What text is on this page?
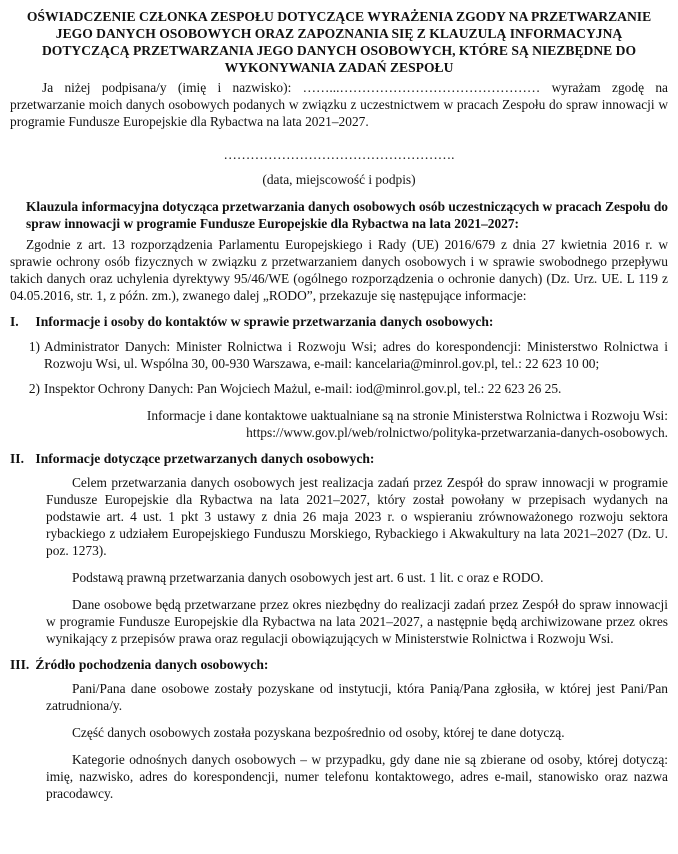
OŚWIADCZENIE CZŁONKA ZESPOŁU DOTYCZĄCE WYRAŻENIA ZGODY NA PRZETWARZANIE JEGO DANYCH OSOBOWYCH ORAZ ZAPOZNANIA SIĘ Z KLAUZULĄ INFORMACYJNĄ DOTYCZĄCĄ PRZETWARZANIA JEGO DANYCH OSOBOWYCH, KTÓRE SĄ NIEZBĘDNE DO WYKONYWANIA ZADAŃ ZESPOŁU

Ja niżej podpisana/y (imię i nazwisko): ……...……………………………………… wyrażam zgodę na przetwarzanie moich danych osobowych podanych w związku z uczestnictwem w pracach Zespołu do spraw innowacji w programie Fundusze Europejskie dla Rybactwa na lata 2021–2027.

…………………………………………….

(data, miejscowość i podpis)

Klauzula informacyjna dotycząca przetwarzania danych osobowych osób uczestniczących w pracach Zespołu do spraw innowacji w programie Fundusze Europejskie dla Rybactwa na lata 2021–2027:

Zgodnie z art. 13 rozporządzenia Parlamentu Europejskiego i Rady (UE) 2016/679 z dnia 27 kwietnia 2016 r. w sprawie ochrony osób fizycznych w związku z przetwarzaniem danych osobowych i w sprawie swobodnego przepływu takich danych oraz uchylenia dyrektywy 95/46/WE (ogólnego rozporządzenia o ochronie danych) (Dz. Urz. UE. L 119 z 04.05.2016, str. 1, z późn. zm.), zwanego dalej „RODO”, przekazuje się następujące informacje:

I. Informacje i osoby do kontaktów w sprawie przetwarzania danych osobowych:
1) Administrator Danych: Minister Rolnictwa i Rozwoju Wsi; adres do korespondencji: Ministerstwo Rolnictwa i Rozwoju Wsi, ul. Wspólna 30, 00-930 Warszawa, e-mail: kancelaria@minrol.gov.pl, tel.: 22 623 10 00;
2) Inspektor Ochrony Danych: Pan Wojciech Mażul, e-mail: iod@minrol.gov.pl, tel.: 22 623 26 25.

Informacje i dane kontaktowe uaktualniane są na stronie Ministerstwa Rolnictwa i Rozwoju Wsi: https://www.gov.pl/web/rolnictwo/polityka-przetwarzania-danych-osobowych.

II. Informacje dotyczące przetwarzanych danych osobowych:

Celem przetwarzania danych osobowych jest realizacja zadań przez Zespół do spraw innowacji w programie Fundusze Europejskie dla Rybactwa na lata 2021–2027, który został powołany w przepisach wydanych na podstawie art. 4 ust. 1 pkt 3 ustawy z dnia 26 maja 2023 r. o wspieraniu zrównoważonego rozwoju sektora rybackiego z udziałem Europejskiego Funduszu Morskiego, Rybackiego i Akwakultury na lata 2021–2027 (Dz. U. poz. 1273).

Podstawą prawną przetwarzania danych osobowych jest art. 6 ust. 1 lit. c oraz e RODO.

Dane osobowe będą przetwarzane przez okres niezbędny do realizacji zadań przez Zespół do spraw innowacji w programie Fundusze Europejskie dla Rybactwa na lata 2021–2027, a następnie będą archiwizowane przez okres wynikający z przepisów prawa oraz regulacji obowiązujących w Ministerstwie Rolnictwa i Rozwoju Wsi.

III. Źródło pochodzenia danych osobowych:

Pani/Pana dane osobowe zostały pozyskane od instytucji, która Panią/Pana zgłosiła, w której jest Pani/Pan zatrudniona/y.

Część danych osobowych została pozyskana bezpośrednio od osoby, której te dane dotyczą.

Kategorie odnośnych danych osobowych – w przypadku, gdy dane nie są zbierane od osoby, której dotyczą: imię, nazwisko, adres do korespondencji, numer telefonu kontaktowego, adres e-mail, stanowisko oraz nazwa pracodawcy.
